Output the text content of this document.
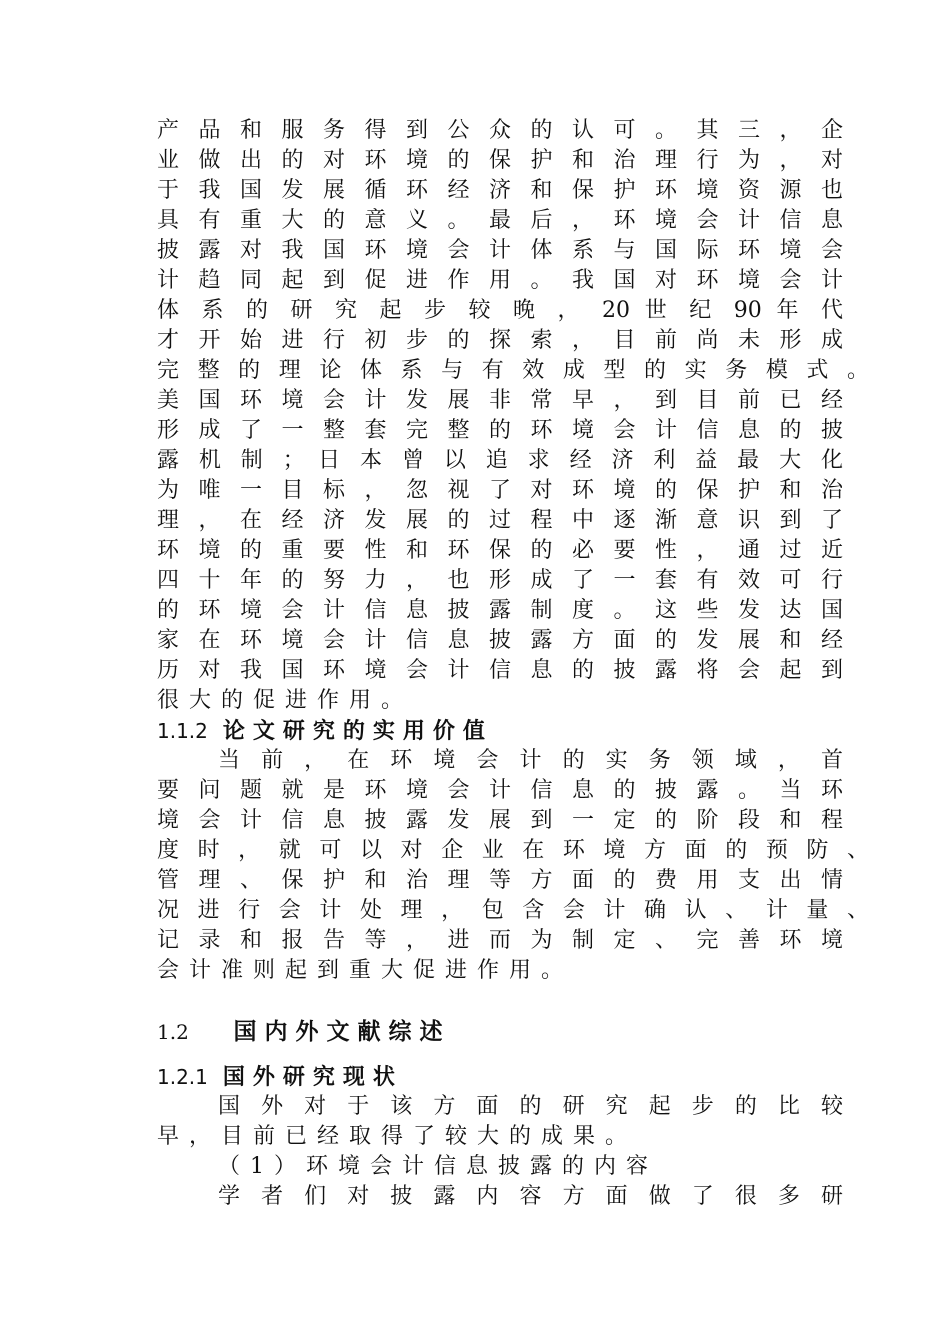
产 品 和 服 务 得 到 公 众 的 认 可 。 其 三 ， 企
业 做 出 的 对 环 境 的 保 护 和 治 理 行 为 ， 对
于 我 国 发 展 循 环 经 济 和 保 护 环 境 资 源 也
具 有 重 大 的 意 义 。 最 后 ， 环 境 会 计 信 息
披 露 对 我 国 环 境 会 计 体 系 与 国 际 环 境 会
计 趋 同 起 到 促 进 作 用 。 我 国 对 环 境 会 计
体 系 的 研 究 起 步 较 晚 ， 20 世 纪 90 年 代
才 开 始 进 行 初 步 的 探 索 ， 目 前 尚 未 形 成
完 整 的 理 论 体 系 与 有 效 成 型 的 实 务 模 式 。
美 国 环 境 会 计 发 展 非 常 早 ， 到 目 前 已 经
形 成 了 一 整 套 完 整 的 环 境 会 计 信 息 的 披
露 机 制 ； 日 本 曾 以 追 求 经 济 利 益 最 大 化
为 唯 一 目 标 ， 忽 视 了 对 环 境 的 保 护 和 治
理 ， 在 经 济 发 展 的 过 程 中 逐 渐 意 识 到 了
环 境 的 重 要 性 和 环 保 的 必 要 性 ， 通 过 近
四 十 年 的 努 力 ， 也 形 成 了 一 套 有 效 可 行
的 环 境 会 计 信 息 披 露 制 度 。 这 些 发 达 国
家 在 环 境 会 计 信 息 披 露 方 面 的 发 展 和 经
历 对 我 国 环 境 会 计 信 息 的 披 露 将 会 起 到
很大的促进作用。
1.1.2 论文研究的实用价值
当 前 ， 在 环 境 会 计 的 实 务 领 域 ， 首
要 问 题 就 是 环 境 会 计 信 息 的 披 露 。 当 环
境 会 计 信 息 披 露 发 展 到 一 定 的 阶 段 和 程
度 时 ， 就 可 以 对 企 业 在 环 境 方 面 的 预 防 、
管 理 、 保 护 和 治 理 等 方 面 的 费 用 支 出 情
况 进 行 会 计 处 理 ， 包 含 会 计 确 认 、 计 量 、
记 录 和 报 告 等 ， 进 而 为 制 定 、 完 善 环 境
会计准则起到重大促进作用。
1.2 国内外文献综述
1.2.1 国外研究现状
国 外 对 于 该 方 面 的 研 究 起 步 的 比 较
早，目前已经取得了较大的成果。
（1）环境会计信息披露的内容
学 者 们 对 披 露 内 容 方 面 做 了 很 多 研
